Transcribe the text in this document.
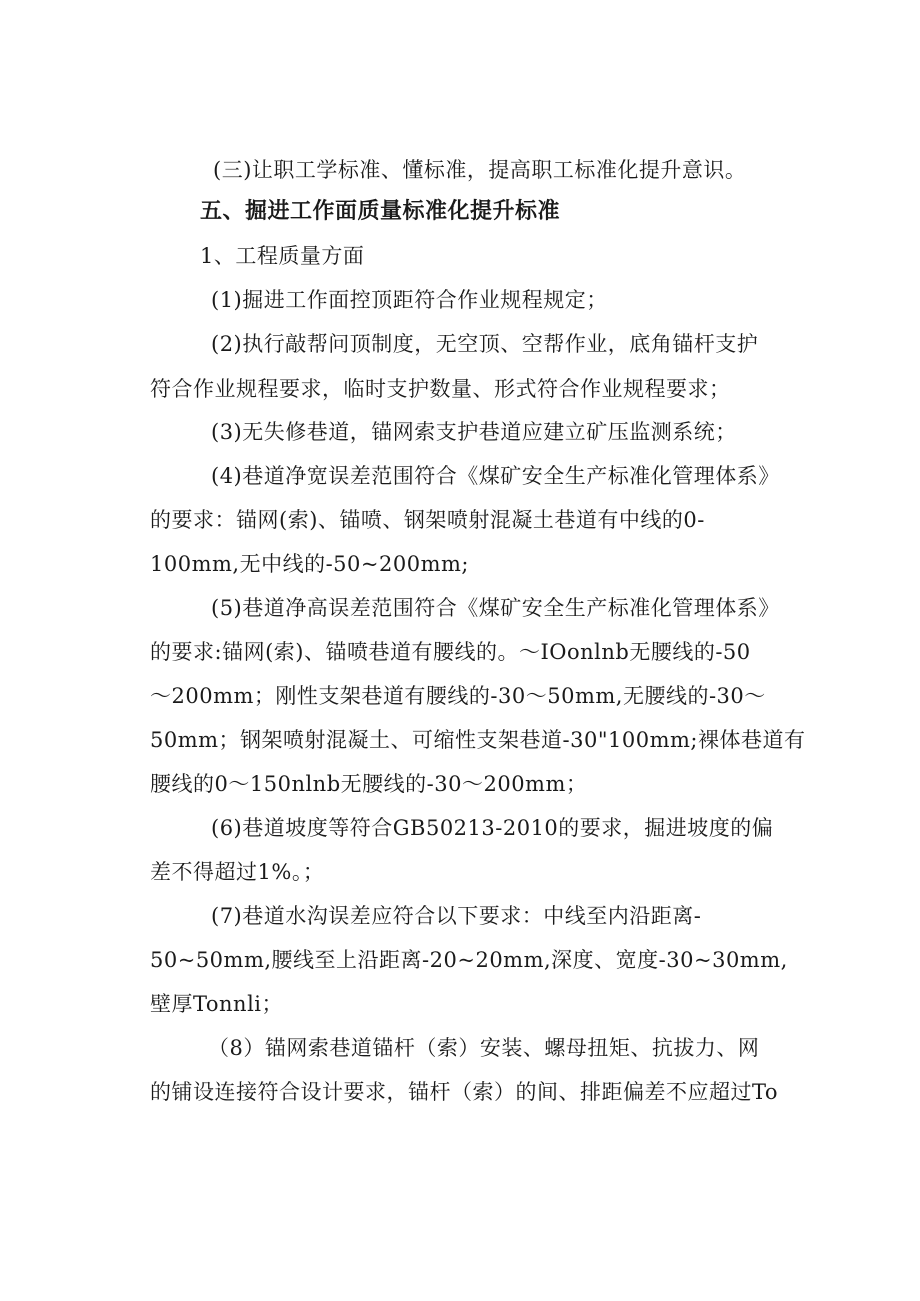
(三)让职工学标准、懂标准，提高职工标准化提升意识。
五、掘进工作面质量标准化提升标准
1、工程质量方面
(1)掘进工作面控顶距符合作业规程规定；
(2)执行敲帮问顶制度，无空顶、空帮作业，底角锚杆支护
符合作业规程要求，临时支护数量、形式符合作业规程要求；
(3)无失修巷道，锚网索支护巷道应建立矿压监测系统；
(4)巷道净宽误差范围符合《煤矿安全生产标准化管理体系》
的要求：锚网(索)、锚喷、钢架喷射混凝土巷道有中线的0-
100mm,无中线的-50~200mm;
(5)巷道净高误差范围符合《煤矿安全生产标准化管理体系》
的要求:锚网(索)、锚喷巷道有腰线的。～IOonlnb无腰线的-50
～200mm；刚性支架巷道有腰线的-30～50mm,无腰线的-30～
50mm；钢架喷射混凝土、可缩性支架巷道-30"100mm;裸体巷道有
腰线的0～150nlnb无腰线的-30～200mm；
(6)巷道坡度等符合GB50213-2010的要求，掘进坡度的偏
差不得超过1%。；
(7)巷道水沟误差应符合以下要求：中线至内沿距离-
50~50mm,腰线至上沿距离-20~20mm,深度、宽度-30~30mm,
壁厚Tonnli；
（8）锚网索巷道锚杆（索）安装、螺母扭矩、抗拔力、网
的铺设连接符合设计要求，锚杆（索）的间、排距偏差不应超过To
